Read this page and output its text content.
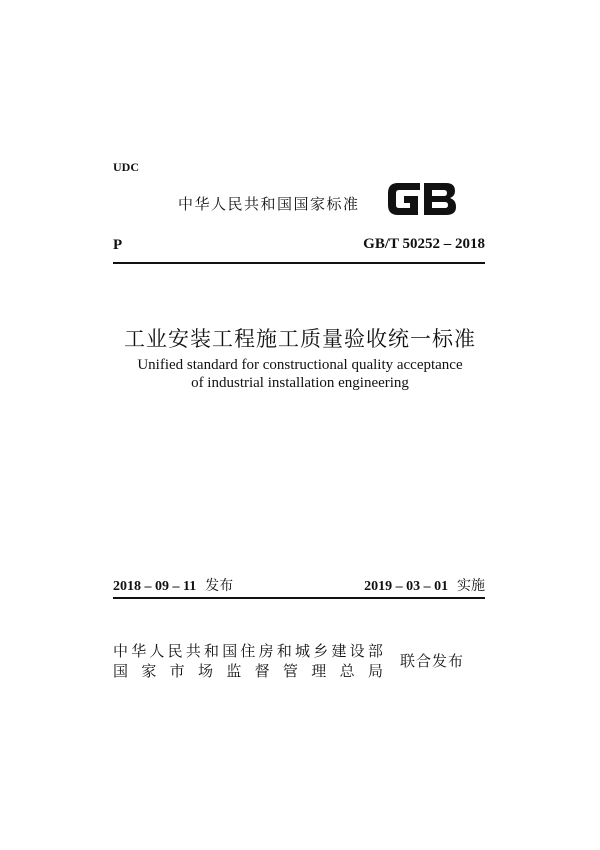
UDC
中华人民共和国国家标准
P	GB/T 50252 – 2018
工业安装工程施工质量验收统一标准
Unified standard for constructional quality acceptance
of industrial installation engineering
2018 – 09 – 11 发布	2019 – 03 – 01 实施
中 华 人 民 共 和 国 住 房 和 城 乡 建 设 部
国 家 市 场 监 督 管 理 总 局
联合发布
